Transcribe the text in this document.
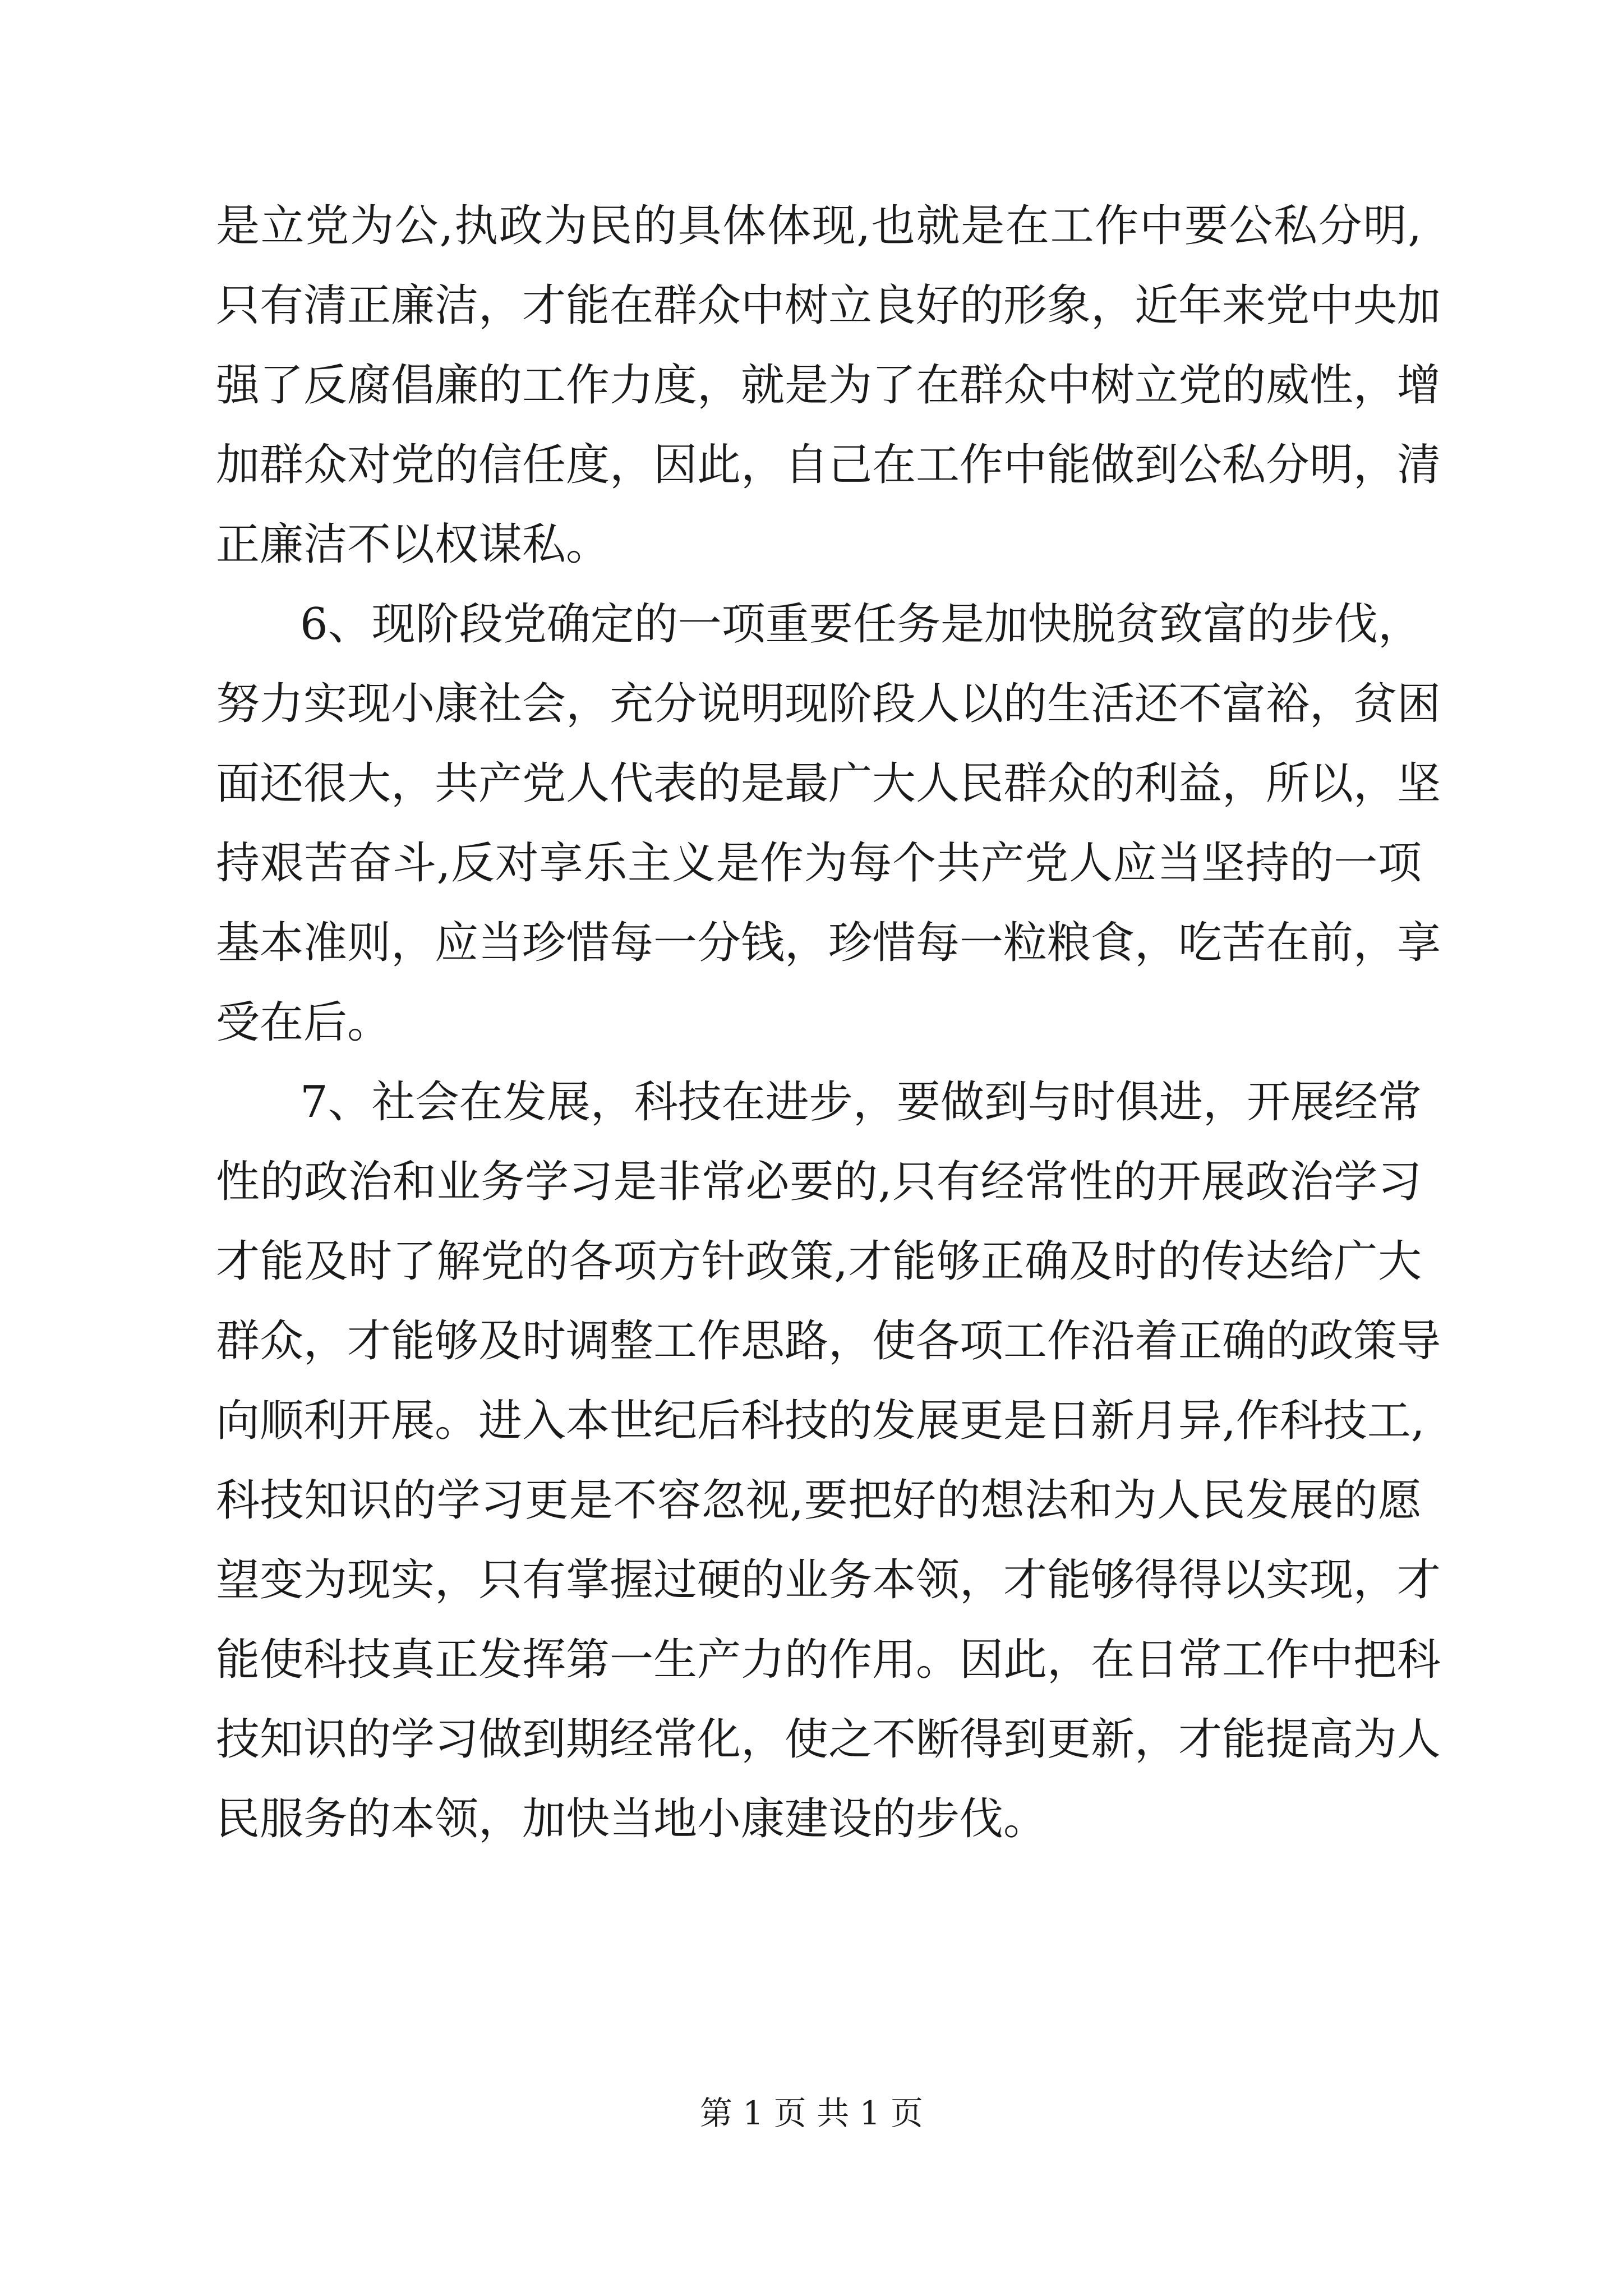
是立党为公,执政为民的具体体现,也就是在工作中要公私分明,
只有清正廉洁，才能在群众中树立良好的形象，近年来党中央加
强了反腐倡廉的工作力度，就是为了在群众中树立党的威性，增
加群众对党的信任度，因此，自己在工作中能做到公私分明，清
正廉洁不以权谋私。
6、现阶段党确定的一项重要任务是加快脱贫致富的步伐，
努力实现小康社会，充分说明现阶段人以的生活还不富裕，贫困
面还很大，共产党人代表的是最广大人民群众的利益，所以，坚
持艰苦奋斗,反对享乐主义是作为每个共产党人应当坚持的一项
基本准则，应当珍惜每一分钱，珍惜每一粒粮食，吃苦在前，享
受在后。
7、社会在发展，科技在进步，要做到与时俱进，开展经常
性的政治和业务学习是非常必要的,只有经常性的开展政治学习
才能及时了解党的各项方针政策,才能够正确及时的传达给广大
群众，才能够及时调整工作思路，使各项工作沿着正确的政策导
向顺利开展。进入本世纪后科技的发展更是日新月异,作科技工,
科技知识的学习更是不容忽视,要把好的想法和为人民发展的愿
望变为现实，只有掌握过硬的业务本领，才能够得得以实现，才
能使科技真正发挥第一生产力的作用。因此，在日常工作中把科
技知识的学习做到期经常化，使之不断得到更新，才能提高为人
民服务的本领，加快当地小康建设的步伐。
第 1 页 共 1 页
